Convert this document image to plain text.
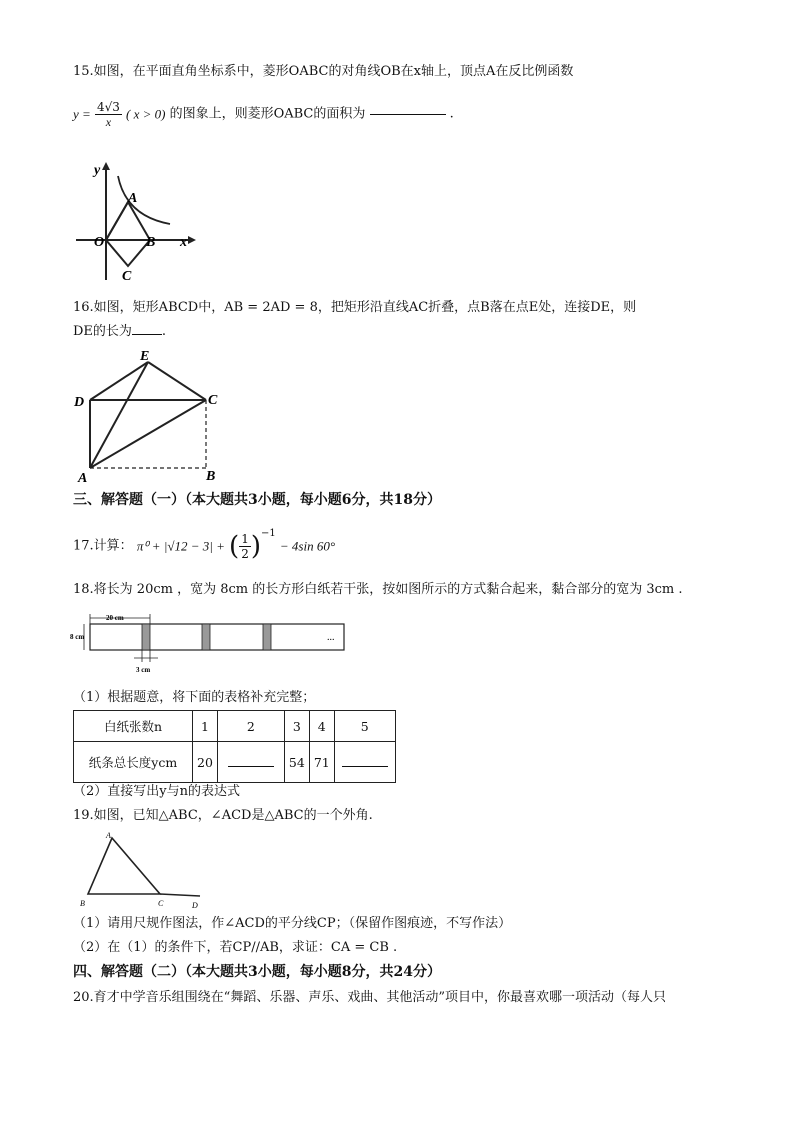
15.如图，在平面直角坐标系中，菱形OABC的对角线OB在x轴上，顶点A在反比例函数
$y = \frac{4√3}{x}$ ( x > 0) 的图象上，则菱形OABC的面积为	.
y
x
O
A
B
C
16.如图，矩形ABCD中，AB = 2AD = 8，把矩形沿直线AC折叠，点B落在点E处，连接DE，则
DE的长为 .
E
D	C
A	B
三、解答题（一）（本大题共3小题，每小题6分，共18分）
17.计算： π⁰ + |√12 − 3| + ( $\frac{1}{2} )^{-1} - 4\sin$ 60°
18.将长为 20cm ，宽为 8cm 的长方形白纸若干张，按如图所示的方式黏合起来，黏合部分的宽为 3cm .
20 cm
8 cm
3 cm
...
（1）根据题意，将下面的表格补充完整；
白纸张数n	1	2	3	4	5
纸条总长度ycm	20		54	71	
（2）直接写出y与n的表达式
19.如图，已知△ABC，∠ACD是△ABC的一个外角.
A
B	C	D
（1）请用尺规作图法，作∠ACD的平分线CP；（保留作图痕迹，不写作法）
（2）在（1）的条件下，若CP//AB，求证：CA = CB .
四、解答题（二）（本大题共3小题，每小题8分，共24分）
20.育才中学音乐组围绕在“舞蹈、乐器、声乐、戏曲、其他活动”项目中，你最喜欢哪一项活动（每人只
